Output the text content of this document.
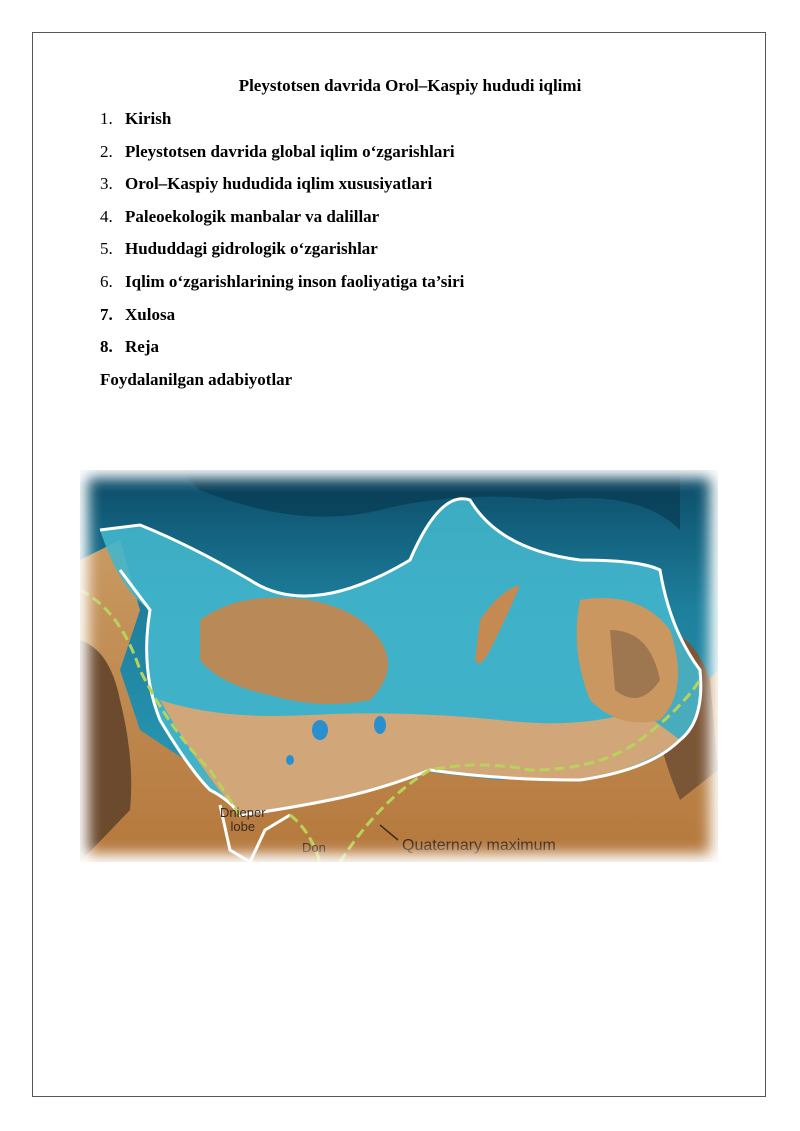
Pleystotsen davrida Orol–Kaspiy hududi iqlimi
1. Kirish
2. Pleystotsen davrida global iqlim o‘zgarishlari
3. Orol–Kaspiy hududida iqlim xususiyatlari
4. Paleoekologik manbalar va dalillar
5. Hududdagi gidrologik o‘zgarishlar
6. Iqlim o‘zgarishlarining inson faoliyatiga ta’siri
7. Xulosa
8. Reja
Foydalanilgan adabiyotlar
Dnieper
lobe
Don	Quaternary maximum
